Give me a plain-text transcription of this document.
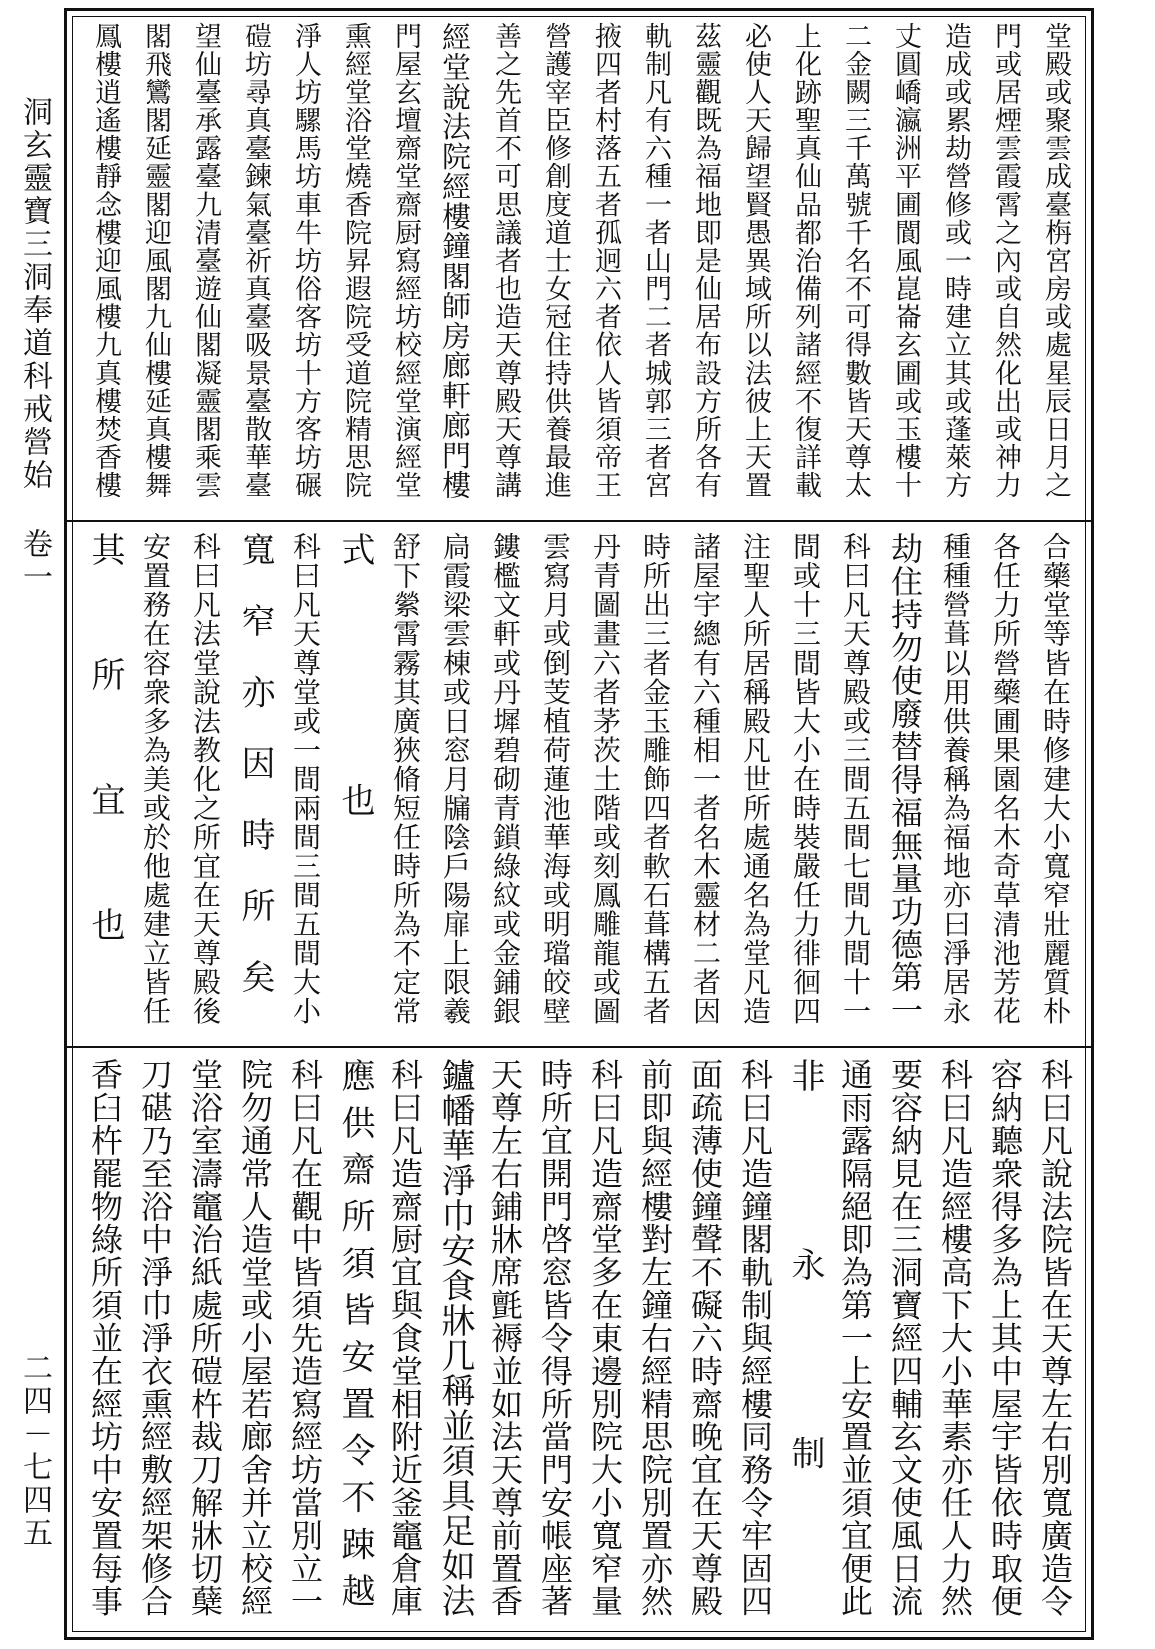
洞玄靈寶三洞奉道科戒營始
卷一
二四－七四五
堂殿或聚雲成臺栴宮房或處星辰日月之
門或居煙雲霞霄之內或自然化出或神力
造成或累劫營修或一時建立其或蓬萊方
丈圓嶠瀛洲平圃閬風崑崙玄圃或玉樓十
二金闕三千萬號千名不可得數皆天尊太
上化跡聖真仙品都治備列諸經不復詳載
必使人天歸望賢愚異域所以法彼上天置
茲靈觀既為福地即是仙居布設方所各有
軌制凡有六種一者山門二者城郭三者宮
掖四者村落五者孤迥六者依人皆須帝王
營護宰臣修創度道士女冠住持供養最進
善之先首不可思議者也造天尊殿天尊講
經堂說法院經樓鐘閣師房廊軒廊門樓
門屋玄壇齋堂齋厨寫經坊校經堂演經堂
熏經堂浴堂燒香院昇遐院受道院精思院
淨人坊騾馬坊車牛坊俗客坊十方客坊碾
磑坊尋真臺鍊氣臺祈真臺吸景臺散華臺
望仙臺承露臺九清臺遊仙閣凝靈閣乘雲
閣飛鸞閣延靈閣迎風閣九仙樓延真樓舞
鳳樓逍遙樓靜念樓迎風樓九真樓焚香樓
合藥堂等皆在時修建大小寬窄壯麗質朴
各任力所營藥圃果園名木奇草清池芳花
種種營葺以用供養稱為福地亦曰淨居永
劫住持勿使廢替得福無量功德第一
科曰凡天尊殿或三間五間七間九間十一
間或十三間皆大小在時裝嚴任力徘徊四
注聖人所居稱殿凡世所處通名為堂凡造
諸屋宇總有六種相一者名木靈材二者因
時所出三者金玉雕飾四者軟石葺構五者
丹青圖畫六者茅茨土階或刻鳳雕龍或圖
雲寫月或倒芰植荷蓮池華海或明璫皎壁
鏤檻文軒或丹墀碧砌青鎖綠紋或金鋪銀
扃霞梁雲棟或日窓月牖陰戶陽扉上限羲
舒下縈霄霧其廣狹脩短任時所為不定常
式也
科曰凡天尊堂或一間兩間三間五間大小
寬窄亦因時所矣
科曰凡法堂說法教化之所宜在天尊殿後
安置務在容衆多為美或於他處建立皆任
其所宜也
科曰凡說法院皆在天尊左右別寬廣造令
容納聽衆得多為上其中屋宇皆依時取便
科曰凡造經樓高下大小華素亦任人力然
要容納見在三洞寶經四輔玄文使風日流
通雨露隔絕即為第一上安置並須宜便此
非永制
科曰凡造鐘閣軌制與經樓同務令牢固四
面疏薄使鐘聲不礙六時齋晚宜在天尊殿
前即與經樓對左鐘右經精思院別置亦然
科曰凡造齋堂多在東邊別院大小寬窄量
時所宜開門啓窓皆令得所當門安帳座著
天尊左右鋪牀席氈褥並如法天尊前置香
鑪幡華淨巾安食牀几稱並須具足如法
科曰凡造齋厨宜與食堂相附近釜竈倉庫
應供齋所須皆安置令不踈越
科曰凡在觀中皆須先造寫經坊當別立一
院勿通常人造堂或小屋若廊舍并立校經
堂浴室濤竈治紙處所磑杵裁刀解牀切蘖
刀碪乃至浴中淨巾淨衣熏經敷經架修合
香臼杵罷物綠所須並在經坊中安置每事
